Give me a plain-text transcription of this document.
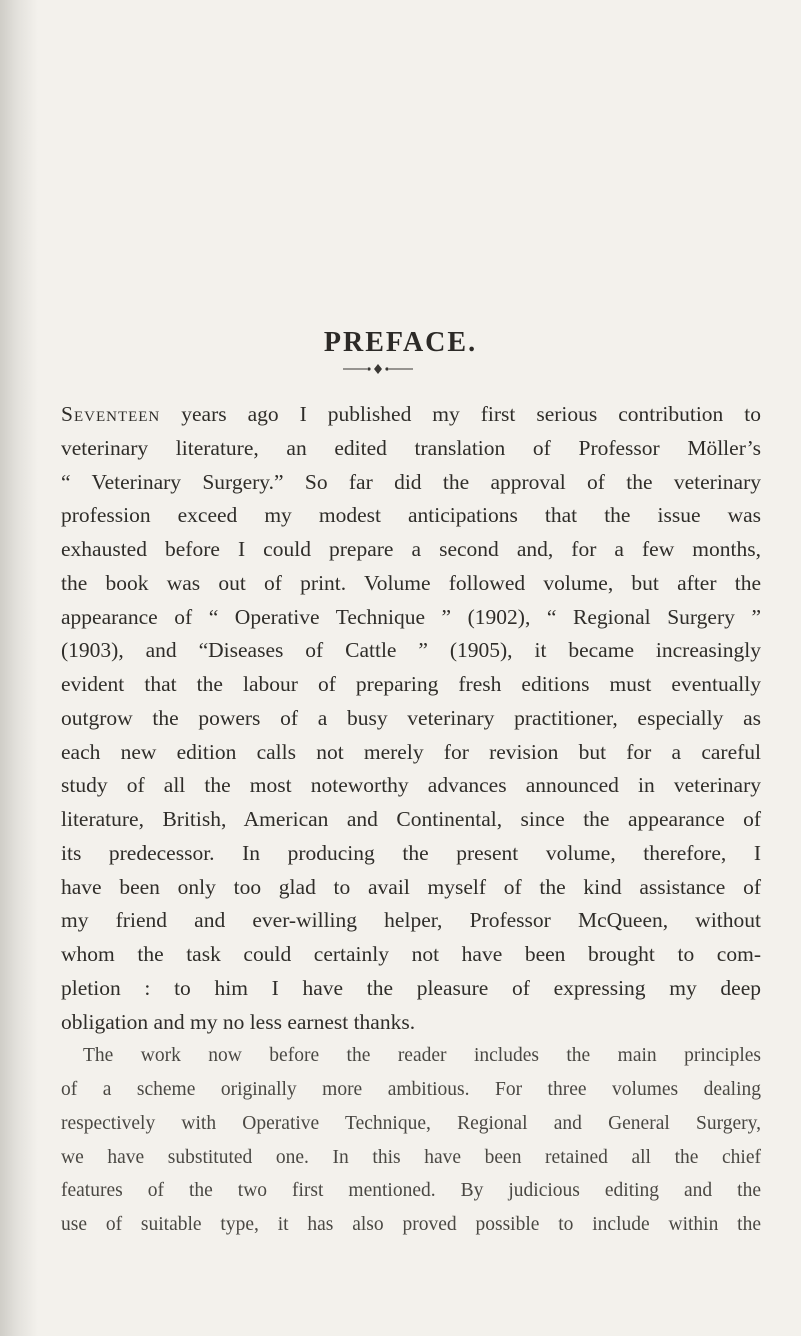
PREFACE.
Seventeen years ago I published my first serious contribution to
veterinary literature, an edited translation of Professor Möller’s
“ Veterinary Surgery.” So far did the approval of the veterinary
profession exceed my modest anticipations that the issue was
exhausted before I could prepare a second and, for a few months,
the book was out of print. Volume followed volume, but after the
appearance of “ Operative Technique ” (1902), “ Regional Surgery ”
(1903), and “Diseases of Cattle ” (1905), it became increasingly
evident that the labour of preparing fresh editions must eventually
outgrow the powers of a busy veterinary practitioner, especially as
each new edition calls not merely for revision but for a careful
study of all the most noteworthy advances announced in veterinary
literature, British, American and Continental, since the appearance of
its predecessor. In producing the present volume, therefore, I
have been only too glad to avail myself of the kind assistance of
my friend and ever-willing helper, Professor McQueen, without
whom the task could certainly not have been brought to com-
pletion : to him I have the pleasure of expressing my deep
obligation and my no less earnest thanks.
The work now before the reader includes the main principles
of a scheme originally more ambitious. For three volumes dealing
respectively with Operative Technique, Regional and General Surgery,
we have substituted one. In this have been retained all the chief
features of the two first mentioned. By judicious editing and the
use of suitable type, it has also proved possible to include within the
